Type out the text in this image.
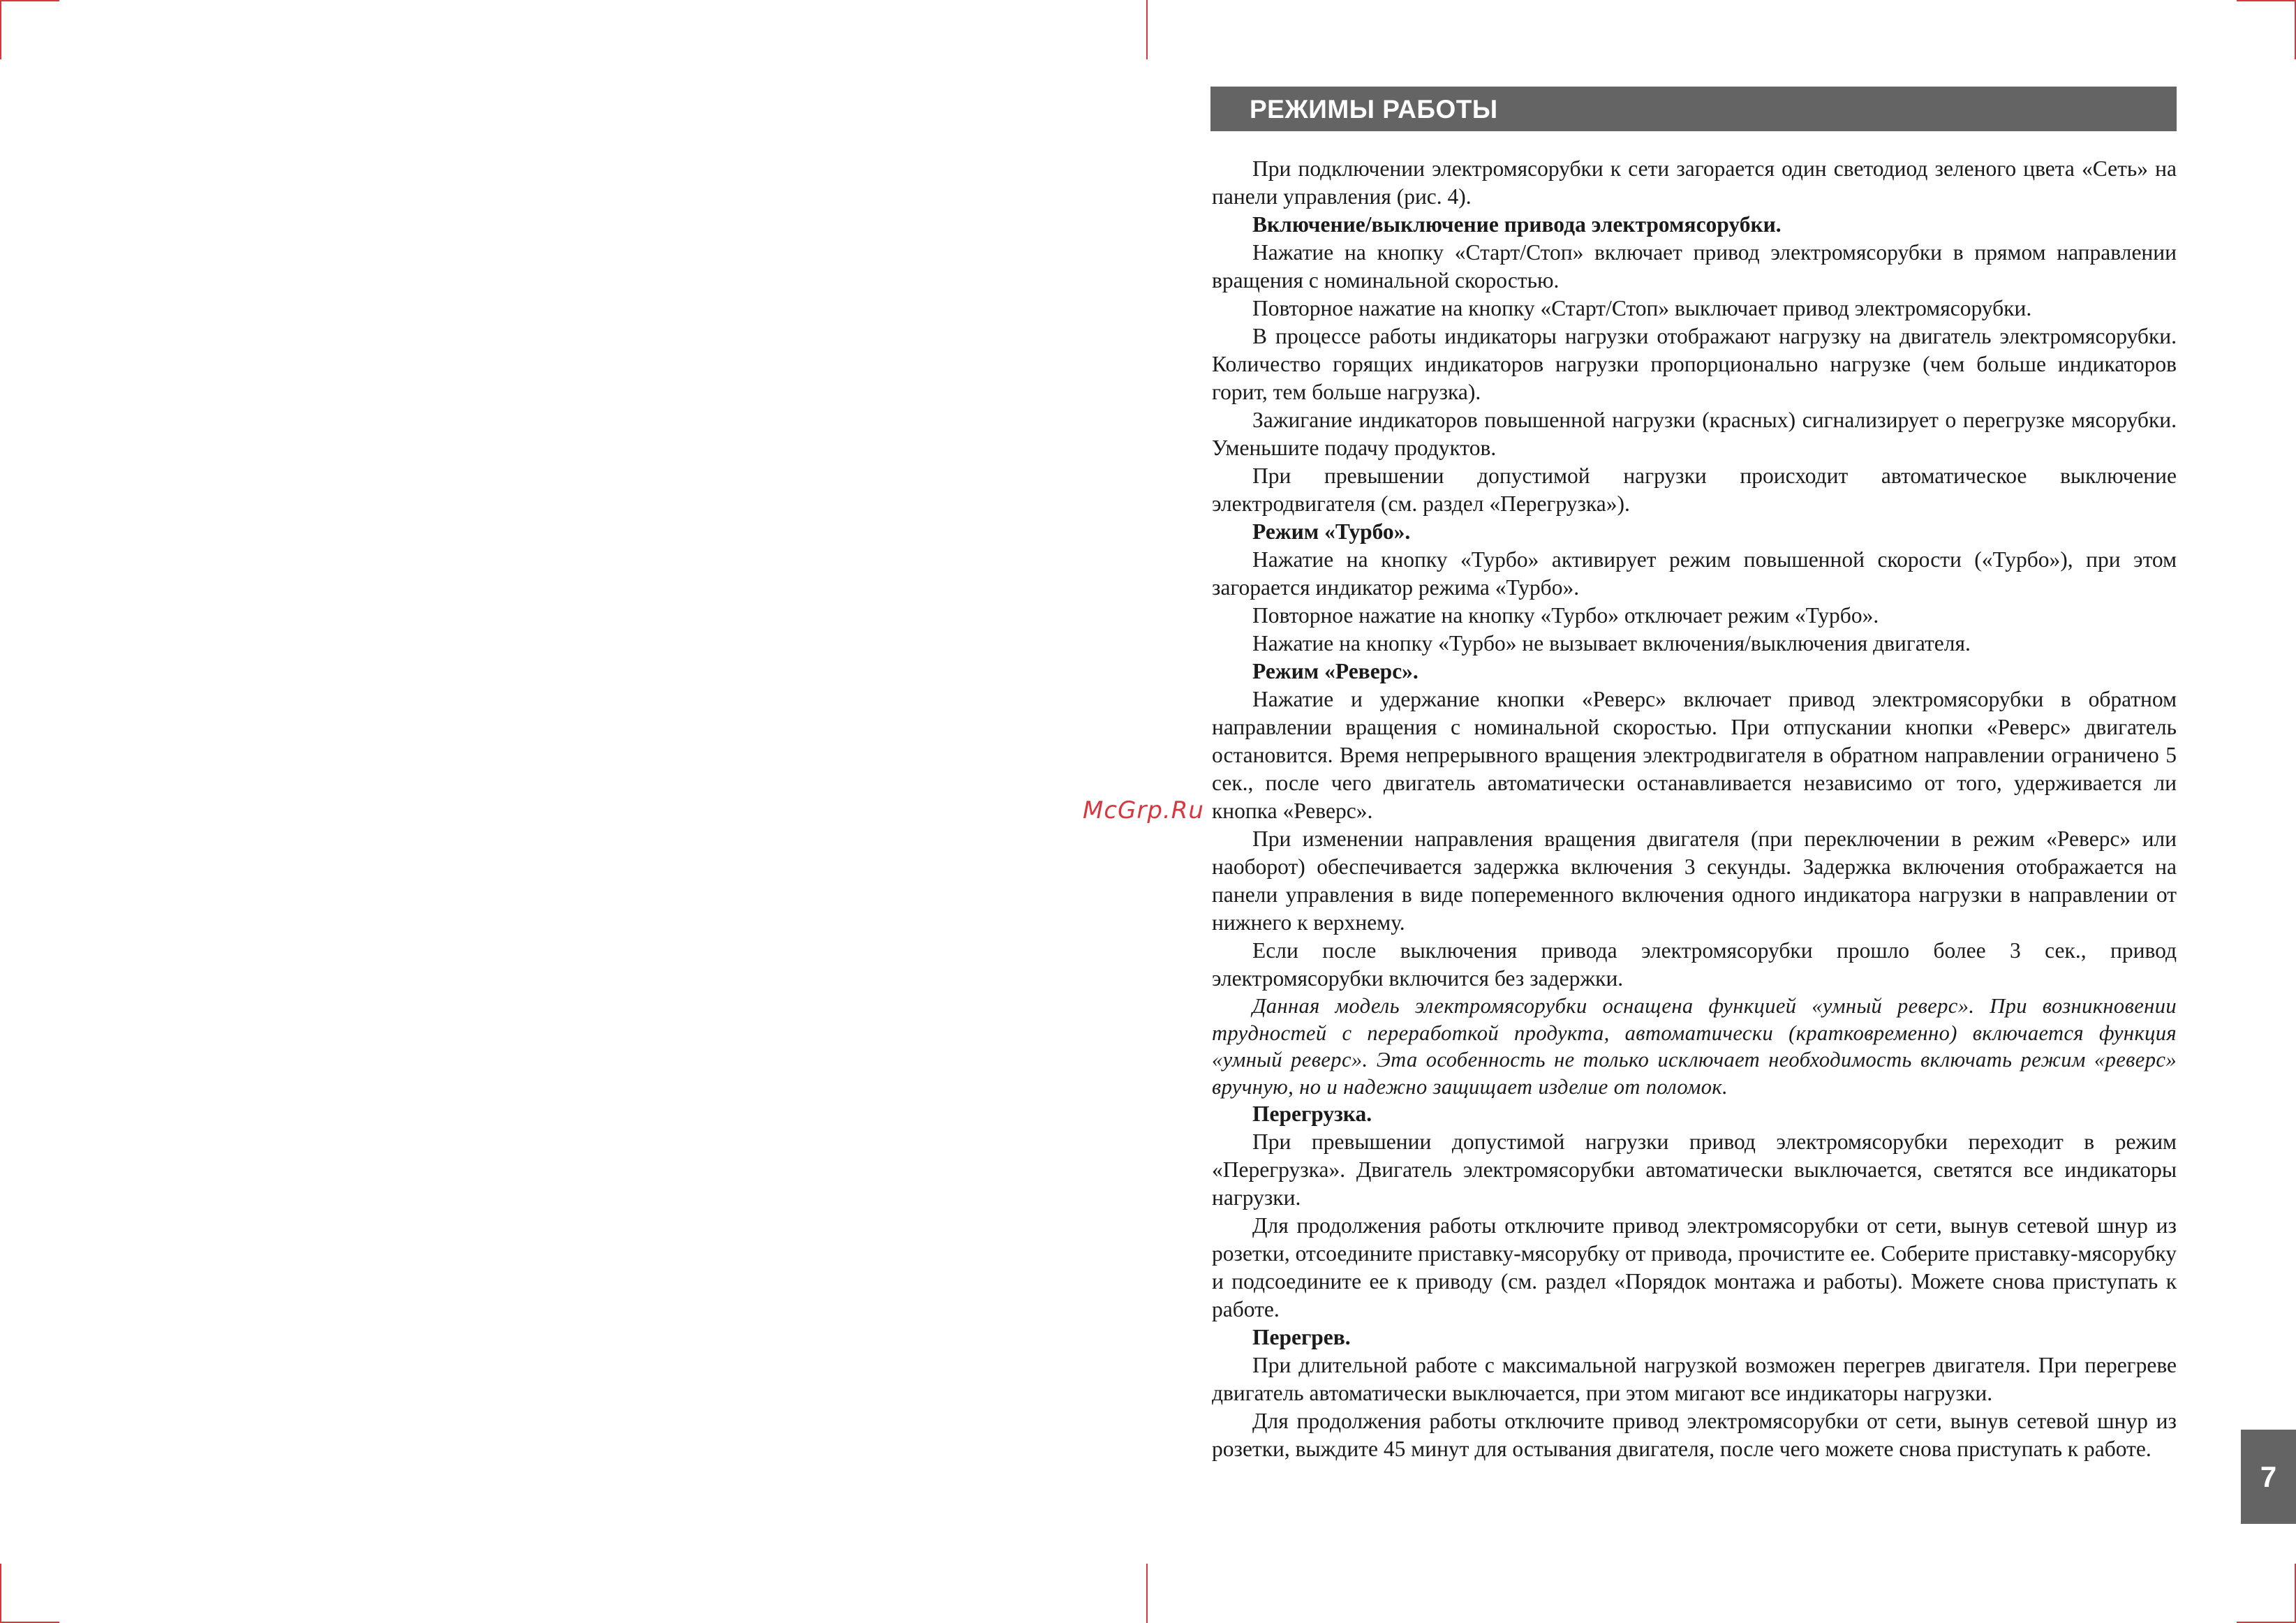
РЕЖИМЫ РАБОТЫ

При подключении электромясорубки к сети загорается один светодиод зеленого цвета «Сеть» на панели управления (рис. 4).

Включение/выключение привода электромясорубки.

Нажатие на кнопку «Старт/Стоп» включает привод электромясорубки в прямом направлении вращения с номинальной скоростью.

Повторное нажатие на кнопку «Старт/Стоп» выключает привод электромясорубки.

В процессе работы индикаторы нагрузки отображают нагрузку на двигатель электромясорубки. Количество горящих индикаторов нагрузки пропорционально нагрузке (чем больше индикаторов горит, тем больше нагрузка).

Зажигание индикаторов повышенной нагрузки (красных) сигнализирует о перегрузке мясорубки. Уменьшите подачу продуктов.

При превышении допустимой нагрузки происходит автоматическое выключение электродвигателя (см. раздел «Перегрузка»).

Режим «Турбо».

Нажатие на кнопку «Турбо» активирует режим повышенной скорости («Турбо»), при этом загорается индикатор режима «Турбо».

Повторное нажатие на кнопку «Турбо» отключает режим «Турбо».

Нажатие на кнопку «Турбо» не вызывает включения/выключения двигателя.

Режим «Реверс».

Нажатие и удержание кнопки «Реверс» включает привод электромясорубки в обратном направлении вращения с номинальной скоростью. При отпускании кнопки «Реверс» двигатель остановится. Время непрерывного вращения электродвигателя в обратном направлении ограничено 5 сек., после чего двигатель автоматически останавливается независимо от того, удерживается ли кнопка «Реверс».

При изменении направления вращения двигателя (при переключении в режим «Реверс» или наоборот) обеспечивается задержка включения 3 секунды. Задержка включения отображается на панели управления в виде попеременного включения одного индикатора нагрузки в направлении от нижнего к верхнему.

Если после выключения привода электромясорубки прошло более 3 сек., привод электромясорубки включится без задержки.

Данная модель электромясорубки оснащена функцией «умный реверс». При возникновении трудностей с переработкой продукта, автоматически (кратковременно) включается функция «умный реверс». Эта особенность не только исключает необходимость включать режим «реверс» вручную, но и надежно защищает изделие от поломок.

Перегрузка.

При превышении допустимой нагрузки привод электромясорубки переходит в режим «Перегрузка». Двигатель электромясорубки автоматически выключается, светятся все индикаторы нагрузки.

Для продолжения работы отключите привод электромясорубки от сети, вынув сетевой шнур из розетки, отсоедините приставку-мясорубку от привода, прочистите ее. Соберите приставку-мясорубку и подсоедините ее к приводу (см. раздел «Порядок монтажа и работы). Можете снова приступать к работе.

Перегрев.

При длительной работе с максимальной нагрузкой возможен перегрев двигателя. При перегреве двигатель автоматически выключается, при этом мигают все индикаторы нагрузки.

Для продолжения работы отключите привод электромясорубки от сети, вынув сетевой шнур из розетки, выждите 45 минут для остывания двигателя, после чего можете снова приступать к работе.

McGrp.Ru
7
